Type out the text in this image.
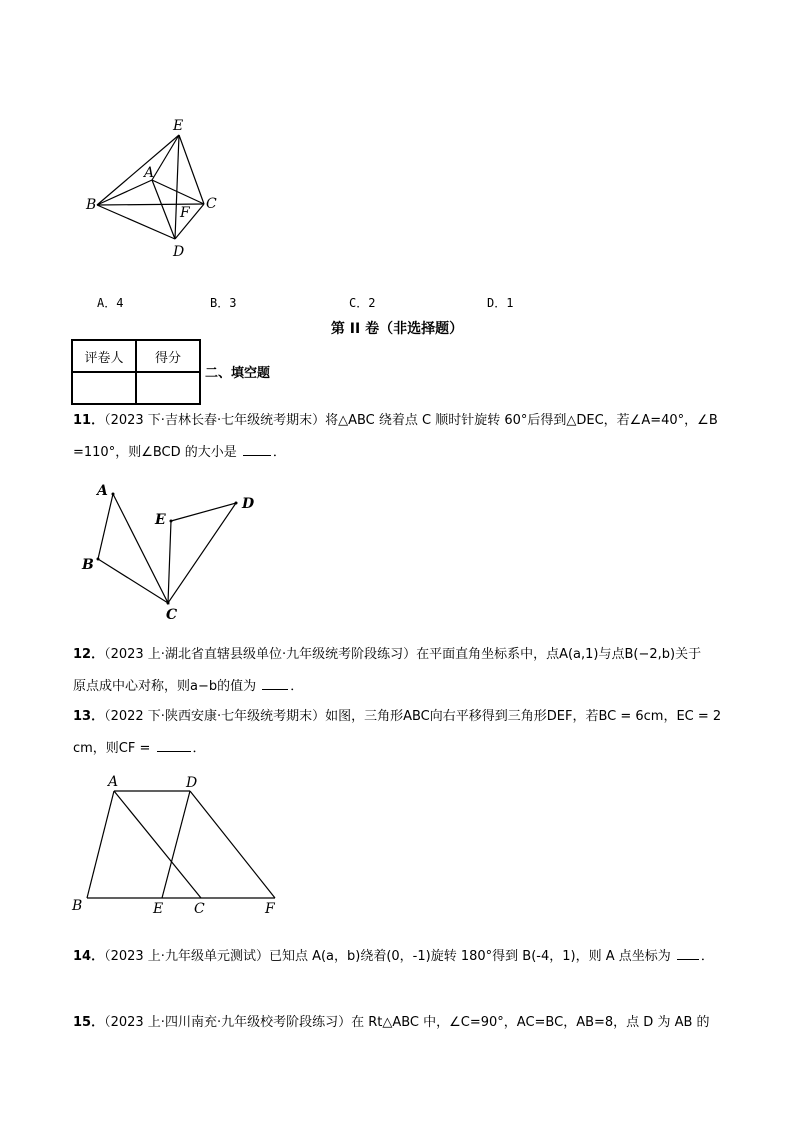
E
A
B	C
F
D
A．4	B．3	C．2	D．1
第 II 卷（非选择题）
评卷人	得分

二、填空题
11．（2023 下·吉林长春·七年级统考期末）将△ABC 绕着点 C 顺时针旋转 60°后得到△DEC，若∠A=40°，∠B
=110°，则∠BCD 的大小是	．
A
D
E
B
C
12．（2023 上·湖北省直辖县级单位·九年级统考阶段练习）在平面直角坐标系中，点A(a,1)与点B(−2,b)关于
原点成中心对称，则a−b的值为	．
13．（2022 下·陕西安康·七年级统考期末）如图，三角形ABC向右平移得到三角形DEF，若BC = 6cm，EC = 2
cm，则CF =	．
A	D
B	E C	F
14．（2023 上·九年级单元测试）已知点 A(a，b)绕着(0，-1)旋转 180°得到 B(-4，1)，则 A 点坐标为 ．
15．（2023 上·四川南充·九年级校考阶段练习）在 Rt△ABC 中，∠C=90°，AC=BC，AB=8，点 D 为 AB 的
